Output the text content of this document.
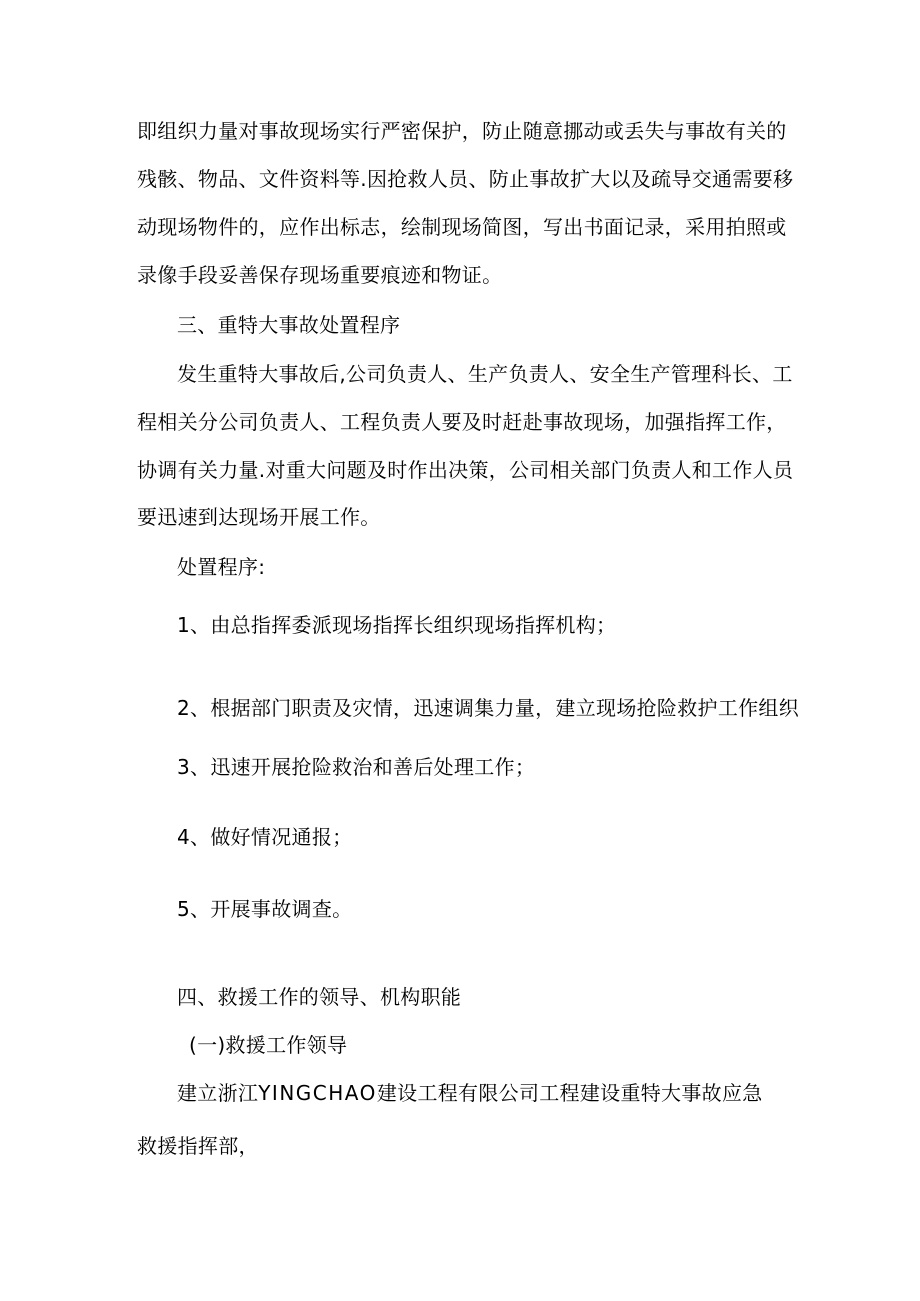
即组织力量对事故现场实行严密保护，防止随意挪动或丢失与事故有关的
残骸、物品、文件资料等.因抢救人员、防止事故扩大以及疏导交通需要移
动现场物件的，应作出标志，绘制现场简图，写出书面记录，采用拍照或
录像手段妥善保存现场重要痕迹和物证。
三、重特大事故处置程序
发生重特大事故后,公司负责人、生产负责人、安全生产管理科长、工
程相关分公司负责人、工程负责人要及时赶赴事故现场，加强指挥工作，
协调有关力量.对重大问题及时作出决策，公司相关部门负责人和工作人员
要迅速到达现场开展工作。
处置程序:
1、由总指挥委派现场指挥长组织现场指挥机构；
2、根据部门职责及灾情，迅速调集力量，建立现场抢险救护工作组织
3、迅速开展抢险救治和善后处理工作；
4、做好情况通报；
5、开展事故调查。
四、救援工作的领导、机构职能
(一)救援工作领导
建立浙江YINGCHAO建设工程有限公司工程建设重特大事故应急
救援指挥部，
